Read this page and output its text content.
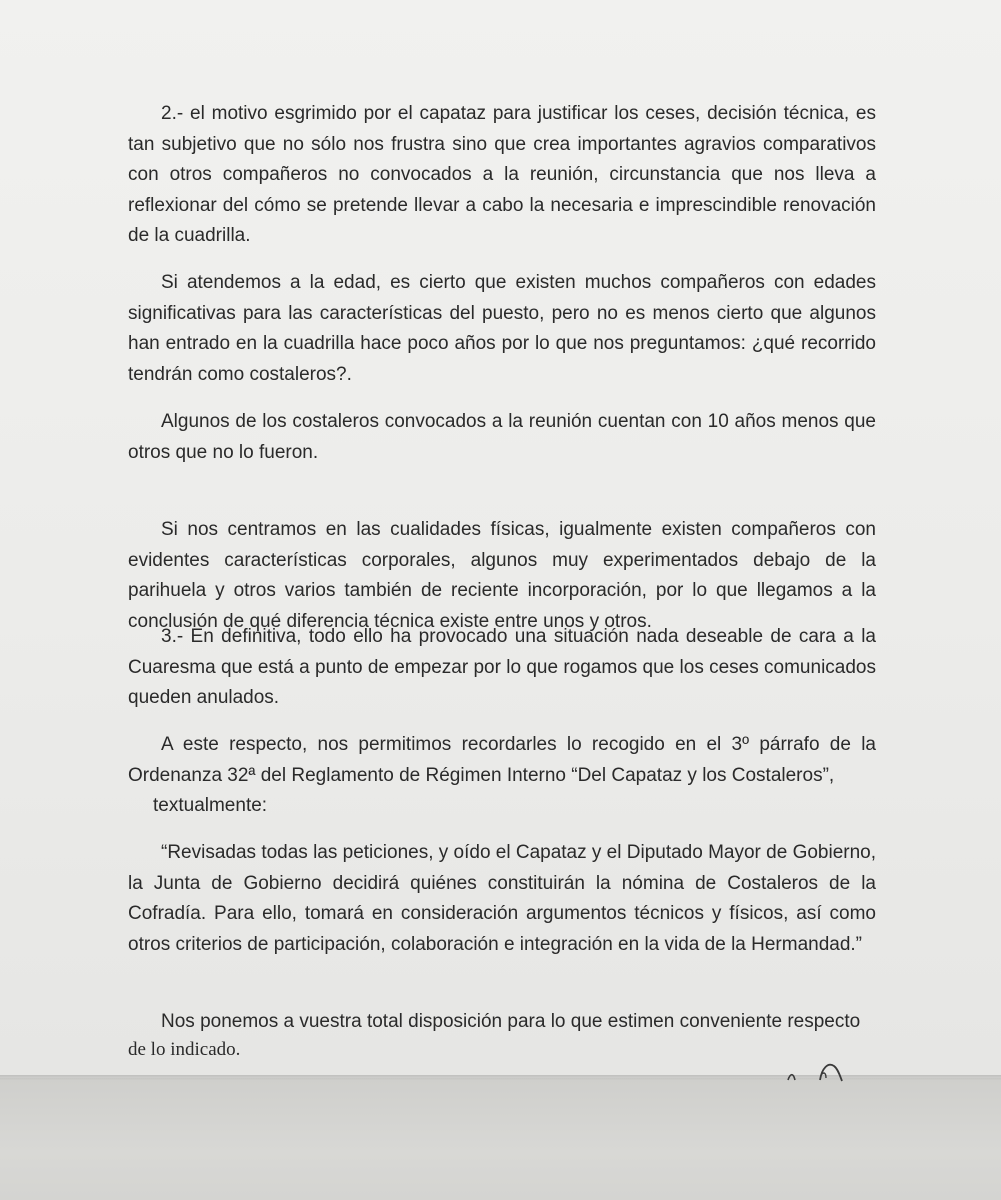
2.- el motivo esgrimido por el capataz para justificar los ceses, decisión técnica, es tan subjetivo que no sólo nos frustra sino que crea importantes agravios comparativos con otros compañeros no convocados a la reunión, circunstancia que nos lleva a reflexionar del cómo se pretende llevar a cabo la necesaria e imprescindible renovación de la cuadrilla.

Si atendemos a la edad, es cierto que existen muchos compañeros con edades significativas para las características del puesto, pero no es menos cierto que algunos han entrado en la cuadrilla hace poco años por lo que nos preguntamos: ¿qué recorrido tendrán como costaleros?.

Algunos de los costaleros convocados a la reunión cuentan con 10 años menos que otros que no lo fueron.

Si nos centramos en las cualidades físicas, igualmente existen compañeros con evidentes características corporales, algunos muy experimentados debajo de la parihuela y otros varios también de reciente incorporación, por lo que llegamos a la conclusión de qué diferencia técnica existe entre unos y otros.

3.- En definitiva, todo ello ha provocado una situación nada deseable de cara a la Cuaresma que está a punto de empezar por lo que rogamos que los ceses comunicados queden anulados.

A este respecto, nos permitimos recordarles lo recogido en el 3º párrafo de la Ordenanza 32ª del Reglamento de Régimen Interno “Del Capataz y los Costaleros”,

textualmente:

“Revisadas todas las peticiones, y oído el Capataz y el Diputado Mayor de Gobierno, la Junta de Gobierno decidirá quiénes constituirán la nómina de Costaleros de la Cofradía. Para ello, tomará en consideración argumentos técnicos y físicos, así como otros criterios de participación, colaboración e integración en la vida de la Hermandad.”

Nos ponemos a vuestra total disposición para lo que estimen conveniente respecto

de lo indicado.
